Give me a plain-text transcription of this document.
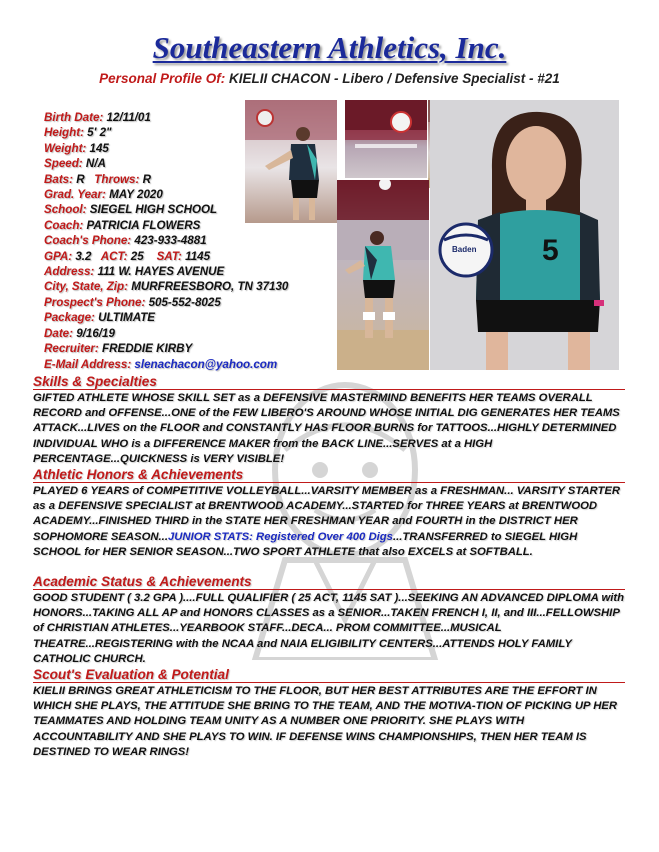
Southeastern Athletics, Inc.
Personal Profile Of: KIELII CHACON - Libero / Defensive Specialist - #21
Birth Date: 12/11/01
Height: 5' 2"
Weight: 145
Speed: N/A
Bats: R Throws: R
Grad. Year: MAY 2020
School: SIEGEL HIGH SCHOOL
Coach: PATRICIA FLOWERS
Coach's Phone: 423-933-4881
GPA: 3.2 ACT: 25 SAT: 1145
Address: 111 W. HAYES AVENUE
City, State, Zip: MURFREESBORO, TN 37130
Prospect's Phone: 505-552-8025
Package: ULTIMATE
Date: 9/16/19
Recruiter: FREDDIE KIRBY
E-Mail Address: slenachacon@yahoo.com
5
Baden
Skills & Specialties
GIFTED ATHLETE WHOSE SKILL SET as a DEFENSIVE MASTERMIND BENEFITS HER TEAMS OVERALL RECORD and OFFENSE...ONE of the FEW LIBERO'S AROUND WHOSE INITIAL DIG GENERATES HER TEAMS ATTACK...LIVES on the FLOOR and CONSTANTLY HAS FLOOR BURNS for TATTOOS...HIGHLY DETERMINED INDIVIDUAL WHO is a DIFFERENCE MAKER from the BACK LINE...SERVES at a HIGH PERCENTAGE...QUICKNESS is VERY VISIBLE!
Athletic Honors & Achievements
PLAYED 6 YEARS of COMPETITIVE VOLLEYBALL...VARSITY MEMBER as a FRESHMAN... VARSITY STARTER as a DEFENSIVE SPECIALIST at BRENTWOOD ACADEMY...STARTED for THREE YEARS at BRENTWOOD ACADEMY...FINISHED THIRD in the STATE HER FRESHMAN YEAR and FOURTH in the DISTRICT HER SOPHOMORE SEASON...JUNIOR STATS: Registered Over 400 Digs...TRANSFERRED to SIEGEL HIGH SCHOOL for HER SENIOR SEASON...TWO SPORT ATHLETE that also EXCELS at SOFTBALL.
Academic Status & Achievements
GOOD STUDENT ( 3.2 GPA )....FULL QUALIFIER ( 25 ACT, 1145 SAT )...SEEKING AN ADVANCED DIPLOMA with HONORS...TAKING ALL AP and HONORS CLASSES as a SENIOR...TAKEN FRENCH I, II, and III...FELLOWSHIP of CHRISTIAN ATHLETES...YEARBOOK STAFF...DECA... PROM COMMITTEE...MUSICAL THEATRE...REGISTERING with the NCAA and NAIA ELIGIBILITY CENTERS...ATTENDS HOLY FAMILY CATHOLIC CHURCH.
Scout's Evaluation & Potential
KIELII BRINGS GREAT ATHLETICISM TO THE FLOOR, BUT HER BEST ATTRIBUTES ARE THE EFFORT IN WHICH SHE PLAYS, THE ATTITUDE SHE BRING TO THE TEAM, AND THE MOTIVA-TION OF PICKING UP HER TEAMMATES AND HOLDING TEAM UNITY AS A NUMBER ONE PRIORITY. SHE PLAYS WITH ACCOUNTABILITY AND SHE PLAYS TO WIN. IF DEFENSE WINS CHAMPIONSHIPS, THEN HER TEAM IS DESTINED TO WEAR RINGS!
